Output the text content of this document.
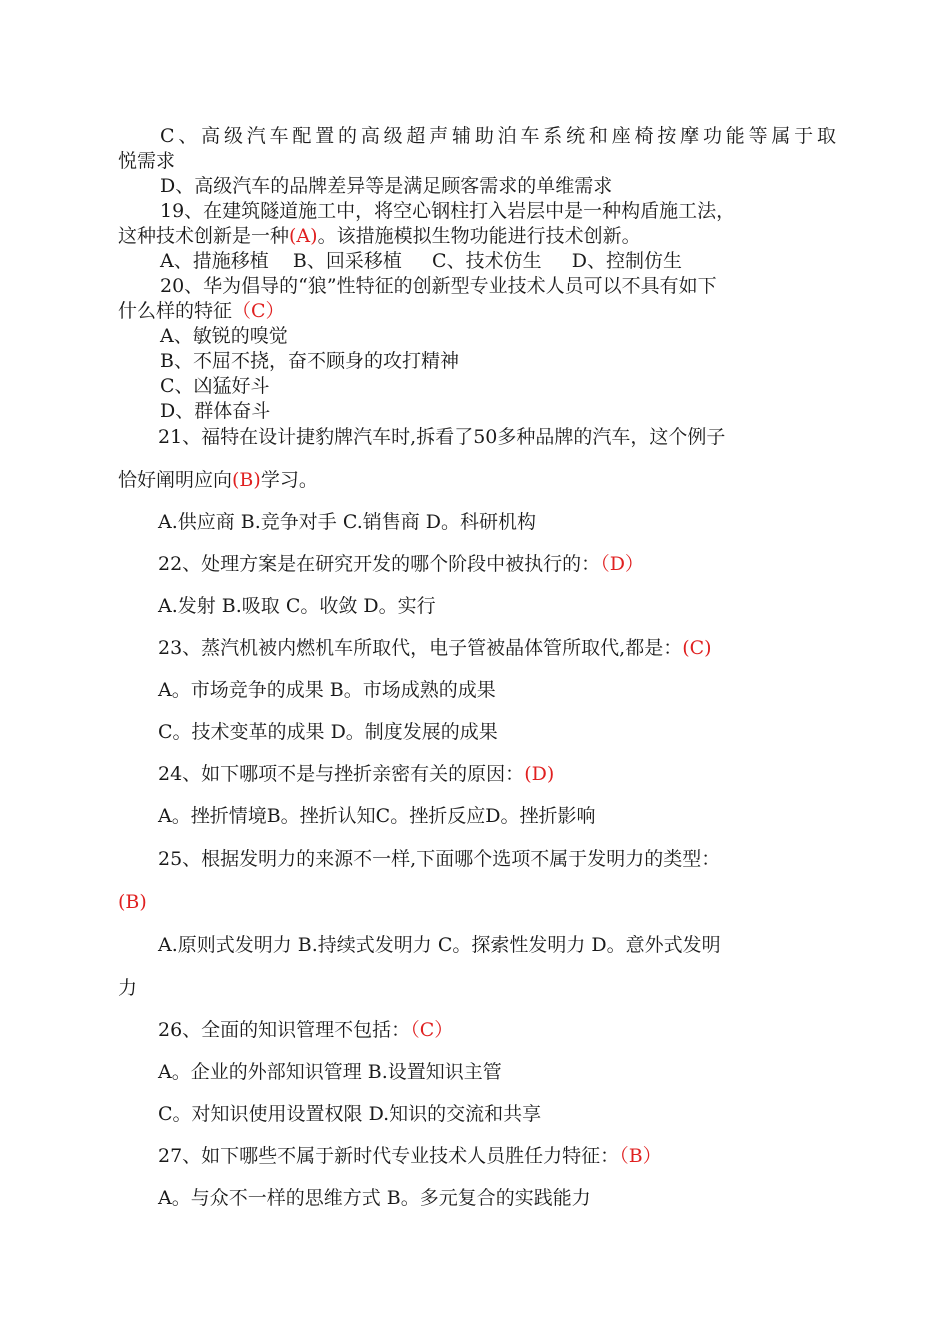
C、高级汽车配置的高级超声辅助泊车系统和座椅按摩功能等属于取
悦需求
D、高级汽车的品牌差异等是满足顾客需求的单维需求
19、在建筑隧道施工中，将空心钢柱打入岩层中是一种构盾施工法，
这种技术创新是一种(A)。该措施模拟生物功能进行技术创新。
A、措施移植    B、回采移植     C、技术仿生     D、控制仿生
20、华为倡导的“狼”性特征的创新型专业技术人员可以不具有如下
什么样的特征（C）
A、敏锐的嗅觉
B、不屈不挠，奋不顾身的攻打精神
C、凶猛好斗
D、群体奋斗
21、福特在设计捷豹牌汽车时,拆看了50多种品牌的汽车，这个例子
恰好阐明应向(B)学习。
A.供应商 B.竞争对手 C.销售商 D。科研机构
22、处理方案是在研究开发的哪个阶段中被执行的：（D）
A.发射 B.吸取 C。收敛 D。实行
23、蒸汽机被内燃机车所取代，电子管被晶体管所取代,都是：(C)
A。市场竞争的成果 B。市场成熟的成果
C。技术变革的成果 D。制度发展的成果
24、如下哪项不是与挫折亲密有关的原因：(D)
A。挫折情境B。挫折认知C。挫折反应D。挫折影响
25、根据发明力的来源不一样,下面哪个选项不属于发明力的类型：
(B)
A.原则式发明力 B.持续式发明力 C。探索性发明力 D。意外式发明
力
26、全面的知识管理不包括：（C）
A。企业的外部知识管理 B.设置知识主管
C。对知识使用设置权限 D.知识的交流和共享
27、如下哪些不属于新时代专业技术人员胜任力特征：（B）
A。与众不一样的思维方式 B。多元复合的实践能力
